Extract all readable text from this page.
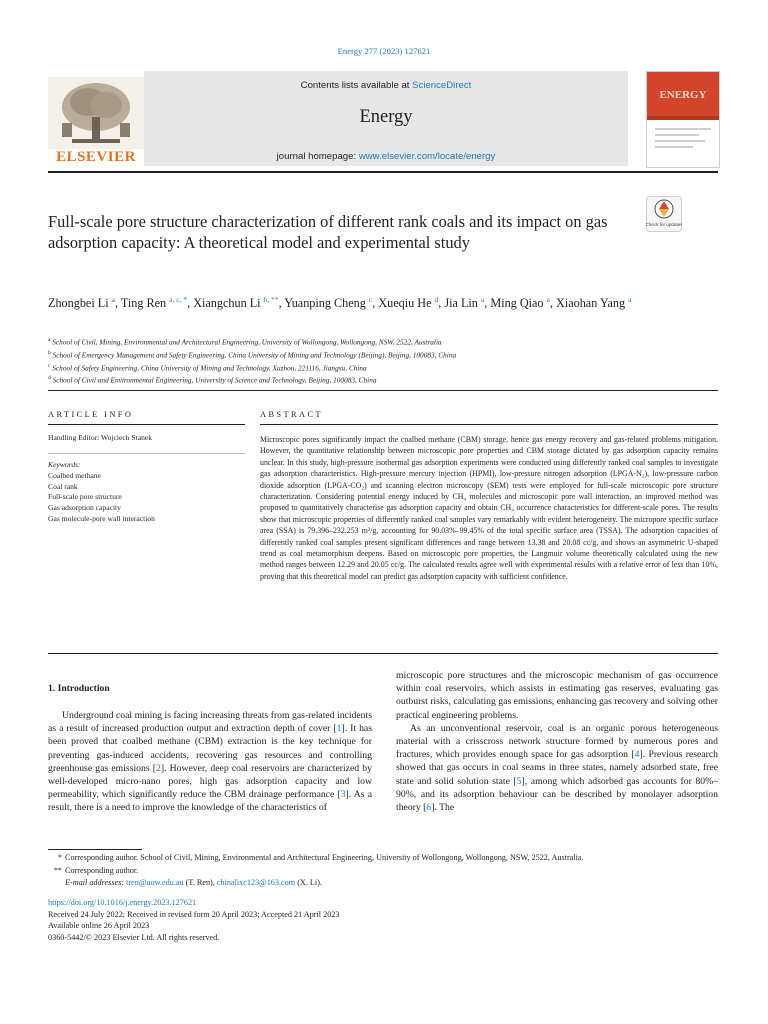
Energy 277 (2023) 127621
ELSEVIER
Contents lists available at ScienceDirect
Energy
journal homepage: www.elsevier.com/locate/energy
ENERGY
Full-scale pore structure characterization of different rank coals and its impact on gas adsorption capacity: A theoretical model and experimental study
Check for updates
Zhongbei Li $^a$, Ting Ren $^{a, c, *}$, Xiangchun Li $^{b, **}$, Yuanping Cheng $^c$, Xueqiu He $^d$, Jia Lin $^a$, Ming Qiao $^a$, Xiaohan Yang $^a$
$^a$ School of Civil, Mining, Environmental and Architectural Engineering, University of Wollongong, Wollongong, NSW, 2522, Australia
$^b$ School of Emergency Management and Safety Engineering, China University of Mining and Technology (Beijing), Beijing, 100083, China
$^c$ School of Safety Engineering, China University of Mining and Technology, Xuzhou, 221116, Jiangsu, China
$^d$ School of Civil and Environmental Engineering, University of Science and Technology, Beijing, 100083, China
ARTICLE INFO	ABSTRACT
Handling Editor: Wojciech Stanek
Keywords:
Coalbed methane
Coal rank
Full-scale pore structure
Gas adsorption capacity
Gas molecule-pore wall interaction
Microscopic pores significantly impact the coalbed methane (CBM) storage, hence gas energy recovery and gas-related problems mitigation. However, the quantitative relationship between microscopic pore properties and CBM storage dictated by gas adsorption capacity remains unclear. In this study, high-pressure isothermal gas adsorption experiments were conducted using differently ranked coal samples to investigate gas adsorption characteristics. High-pressure mercury injection (HPMI), low-pressure nitrogen adsorption (LPGA-N₂), low-pressure carbon dioxide adsorption (LPGA-CO₂) and scanning electron microscopy (SEM) tests were employed for full-scale microscopic pore structure characterization. Considering potential energy induced by CH₄ molecules and microscopic pore wall interaction, an improved method was proposed to quantitatively characterise gas adsorption capacity and obtain CH₄ occurrence characteristics for different-scale pores. The results show that microscopic properties of differently ranked coal samples vary remarkably with evident heterogeneity. The micropore specific surface area (SSA) is 79.396–232.253 m²/g, accounting for 90.03%–99.45% of the total specific surface area (TSSA). The adsorption capacities of differently ranked coal samples present significant differences and range between 13.38 and 20.08 cc/g, and shows an asymmetric U-shaped trend as coal metamorphism deepens. Based on microscopic pore properties, the Langmuir volume theoretically calculated using the new method ranges between 12.29 and 20.05 cc/g. The calculated results agree well with experimental results with a relative error of less than 10%, proving that this theoretical model can predict gas adsorption capacity with sufficient confidence.
1. Introduction

Underground coal mining is facing increasing threats from gas-related incidents as a result of increased production output and extraction depth of cover [1]. It has been proved that coalbed methane (CBM) extraction is the key technique for preventing gas-induced accidents, recovering gas resources and controlling greenhouse gas emissions [2]. However, deep coal reservoirs are characterized by well-developed micro-nano pores, high gas adsorption capacity and low permeability, which significantly reduce the CBM drainage performance [3]. As a result, there is a need to improve the knowledge of the characteristics of

microscopic pore structures and the microscopic mechanism of gas occurrence within coal reservoirs, which assists in estimating gas reserves, evaluating gas outburst risks, calculating gas emissions, enhancing gas recovery and solving other practical engineering problems.

As an unconventional reservoir, coal is an organic porous heterogeneous material with a crisscross network structure formed by numerous pores and fractures, which provides enough space for gas adsorption [4]. Previous research showed that gas occurs in coal seams in three states, namely adsorbed state, free state and solid solution state [5], among which adsorbed gas accounts for 80%–90%, and its adsorption behaviour can be described by monolayer adsorption theory [6]. The

* Corresponding author. School of Civil, Mining, Environmental and Architectural Engineering, University of Wollongong, Wollongong, NSW, 2522, Australia.
** Corresponding author.
E-mail addresses: tren@uow.edu.au (T. Ren), chinalixc123@163.com (X. Li).
https://doi.org/10.1016/j.energy.2023.127621
Received 24 July 2022; Received in revised form 20 April 2023; Accepted 21 April 2023
Available online 26 April 2023
0360-5442/© 2023 Elsevier Ltd. All rights reserved.
